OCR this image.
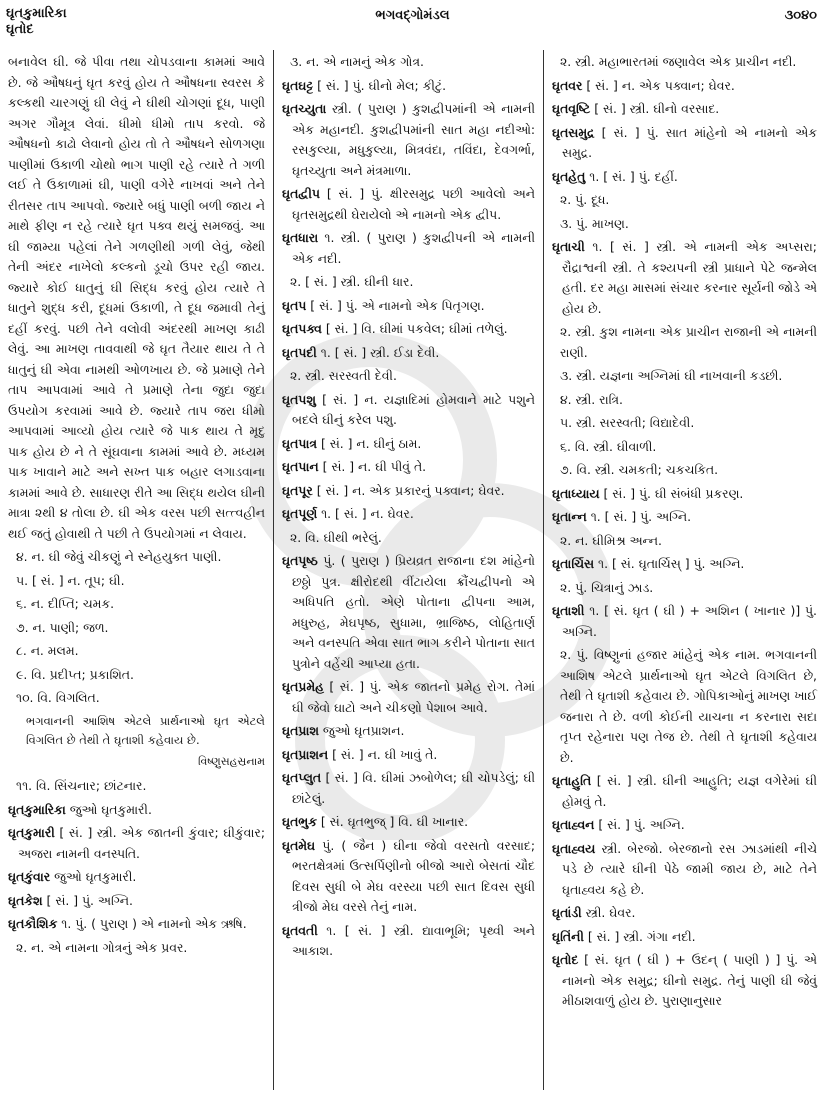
ઘૃતકુમારિકા
ઘૃતોદ
ભગવદ્ગોમંડલ	૩૦૪૦
બનાવેલ ઘી. જે પીવા તથા ચોપડવાના કામમાં આવે છે. જે ઔષધનું ઘૃત કરવું હોય તે ઔષધના સ્વરસ કે કલ્કથી ચારગણું ઘી લેવું ને ઘીથી ચોગણાં દૂધ, પાણી અગર ગૌમૂત્ર લેવાં. ધીમો ધીમો તાપ કરવો. જે ઔષધનો કાઢો લેવાનો હોય તો તે ઔષધને સોળગણા પાણીમાં ઉકાળી ચોથો ભાગ પાણી રહે ત્યારે તે ગળી લઈ તે ઉકાળામાં ઘી, પાણી વગેરે નાખવાં અને તેને રીતસર તાપ આપવો. જ્યારે બધું પાણી બળી જાય ને માથે ફીણ ન રહે ત્યારે ઘૃત પક્વ થયું સમજવું. આ ઘી જામ્યા પહેલાં તેને ગળણીથી ગળી લેવું, જેથી તેની અંદર નાખેલો કલ્કનો ડૂચો ઉપર રહી જાય. જ્યારે કોઈ ધાતુનું ઘી સિદ્ધ કરવું હોય ત્યારે તે ધાતુને શુદ્ધ કરી, દૂધમાં ઉકાળી, તે દૂધ જમાવી તેનું દહીં કરવું. પછી તેને વલોવી અંદરથી માખણ કાઢી લેવું. આ માખણ તાવવાથી જે ઘૃત તૈયાર થાય તે તે ધાતુનું ઘી એવા નામથી ઓળખાય છે. જે પ્રમાણે તેને તાપ આપવામાં આવે તે પ્રમાણે તેના જુદા જુદા ઉપયોગ કરવામાં આવે છે. જ્યારે તાપ જરા ધીમો આપવામાં આવ્યો હોય ત્યારે જે પાક થાય તે મૃદુ પાક હોય છે ને તે સૂંઘવાના કામમાં આવે છે. મધ્યમ પાક ખાવાને માટે અને સખ્ત પાક બહાર લગાડવાના કામમાં આવે છે. સાધારણ રીતે આ સિદ્ધ થયેલ ઘીની માત્રા ૨થી ૪ તોલા છે. ઘી એક વરસ પછી સત્ત્વહીન થઈ જતું હોવાથી તે પછી તે ઉપયોગમાં ન લેવાય.
૪. ન. ઘી જેવું ચીકણું ને સ્નેહયુક્ત પાણી.
૫. [ સં. ] ન. તૂપ; ઘી.
૬. ન. દીપ્તિ; ચમક.
૭. ન. પાણી; જળ.
૮. ન. મલમ.
૯. વિ. પ્રદીપ્ત; પ્રકાશિત.
૧૦. વિ. વિગલિત.
ભગવાનની આશિષ એટલે પ્રાર્થનાઓ ઘૃત એટલે વિગલિત છે તેથી તે ઘૃતાશી કહેવાય છે.
વિષ્ણુસહસ્રનામ
૧૧. વિ. સિંચનાર; છાંટનાર.
ઘૃતકુમારિકા જુઓ ઘૃતકુમારી.
ઘૃતકુમારી [ સં. ] સ્ત્રી. એક જાતની કુંવાર; ઘીકુંવાર; અજરા નામની વનસ્પતિ.
ઘૃતકુંવાર જુઓ ઘૃતકુમારી.
ઘૃતકેશ [ સં. ] પું. અગ્નિ.
ઘૃતકૌશિક ૧. પું. ( પુરાણ ) એ નામનો એક ઋષિ.
૨. ન. એ નામના ગોત્રનું એક પ્રવર.
૩. ન. એ નામનું એક ગોત્ર.
ઘૃતઘટ્ટ [ સં. ] પું. ઘીનો મેલ; કીટું.
ઘૃતચ્યુતા સ્ત્રી. ( પુરાણ ) કુશદ્વીપમાંની એ નામની એક મહાનદી. કુશદ્વીપમાંની સાત મહા નદીઓ: રસકુલ્યા, મધુકુલ્યા, મિત્રવંદા, તવિંદા, દેવગર્ભા, ઘૃતચ્યુતા અને મંત્રમાળા.
ઘૃતદ્વીપ [ સં. ] પું. ક્ષીરસમુદ્ર પછી આવેલો અને ઘૃતસમુદ્રથી ઘેરાયેલો એ નામનો એક દ્વીપ.
ઘૃતધારા ૧. સ્ત્રી. ( પુરાણ ) કુશદ્વીપની એ નામની એક નદી.
૨. [ સં. ] સ્ત્રી. ઘીની ધાર.
ઘૃતપ [ સં. ] પું. એ નામનો એક પિતૃગણ.
ઘૃતપક્વ [ સં. ] વિ. ઘીમાં પકવેલ; ઘીમાં તળેલું.
ઘૃતપદી ૧. [ સં. ] સ્ત્રી. ઈડા દેવી.
૨. સ્ત્રી. સરસ્વતી દેવી.
ઘૃતપશુ [ સં. ] ન. યજ્ઞાદિમાં હોમવાને માટે પશુને બદલે ઘીનું કરેલ પશુ.
ઘૃતપાત્ર [ સં. ] ન. ઘીનું ઠામ.
ઘૃતપાન [ સં. ] ન. ઘી પીવું તે.
ઘૃતપૂર [ સં. ] ન. એક પ્રકારનું પક્વાન; ઘેવર.
ઘૃતપૂર્ણ ૧. [ સં. ] ન. ઘેવર.
૨. વિ. ઘીથી ભરેલું.
ઘૃતપૃષ્ઠ પું. ( પુરાણ ) પ્રિયવ્રત રાજાના દશ માંહેનો છઠ્ઠો પુત્ર. ક્ષીરોદથી વીંટાયેલા ક્રૌંચદ્વીપનો એ અધિપતિ હતો. એણે પોતાના દ્વીપના આમ, મધુરુહ, મેઘપૃષ્ઠ, સુધામા, ભ્રાજિષ્ઠ, લોહિતાર્ણ અને વનસ્પતિ એવા સાત ભાગ કરીને પોતાના સાત પુત્રોને વહેંચી આપ્યા હતા.
ઘૃતપ્રમેહ [ સં. ] પું. એક જાતનો પ્રમેહ રોગ. તેમાં ઘી જેવો ઘાટો અને ચીકણો પેશાબ આવે.
ઘૃતપ્રાશ જુઓ ઘૃતપ્રાશન.
ઘૃતપ્રાશન [ સં. ] ન. ઘી ખાવું તે.
ઘૃતપ્લુત [ સં. ] વિ. ઘીમાં ઝબોળેલ; ઘી ચોપડેલું; ઘી છાંટેલું.
ઘૃતભુક [ સં. ઘૃતભુજ્ ] વિ. ઘી ખાનાર.
ઘૃતમેઘ પું. ( જૈન ) ઘીના જેવો વરસતો વરસાદ; ભરતક્ષેત્રમાં ઉત્સર્પિણીનો બીજો આરો બેસતાં ચૌદ દિવસ સુધી બે મેઘ વરસ્યા પછી સાત દિવસ સુધી ત્રીજો મેઘ વરસે તેનું નામ.
ઘૃતવતી ૧. [ સં. ] સ્ત્રી. દ્યાવાભૂમિ; પૃથ્વી અને આકાશ.
૨. સ્ત્રી. મહાભારતમાં જણાવેલ એક પ્રાચીન નદી.
ઘૃતવર [ સં. ] ન. એક પક્વાન; ઘેવર.
ઘૃતવૃષ્ટિ [ સં. ] સ્ત્રી. ઘીનો વરસાદ.
ઘૃતસમુદ્ર [ સં. ] પું. સાત માંહેનો એ નામનો એક સમુદ્ર.
ઘૃતહેતુ ૧. [ સં. ] પું. દહીં.
૨. પું. દૂધ.
૩. પું. માખણ.
ઘૃતાચી ૧. [ સં. ] સ્ત્રી. એ નામની એક અપ્સરા; રૌદ્રાશ્વની સ્ત્રી. તે કશ્યપની સ્ત્રી પ્રાધાને પેટે જન્મેલ હતી. દર મહા માસમાં સંચાર કરનાર સૂર્યની જોડે એ હોય છે.
૨. સ્ત્રી. કુશ નામના એક પ્રાચીન રાજાની એ નામની રાણી.
૩. સ્ત્રી. યજ્ઞના અગ્નિમાં ઘી નાખવાની કડછી.
૪. સ્ત્રી. રાત્રિ.
૫. સ્ત્રી. સરસ્વતી; વિદ્યાદેવી.
૬. વિ. સ્ત્રી. ઘીવાળી.
૭. વિ. સ્ત્રી. ચમકતી; ચકચકિત.
ઘૃતાધ્યાય [ સં. ] પું. ઘી સંબંધી પ્રકરણ.
ઘૃતાન્ન ૧. [ સં. ] પું. અગ્નિ.
૨. ન. ઘીમિશ્ર અન્ન.
ઘૃતાર્ચિસ ૧. [ સં. ઘૃતાર્ચિસ્ ] પું. અગ્નિ.
૨. પું. ચિત્રાનું ઝાડ.
ઘૃતાશી ૧. [ સં. ઘૃત ( ઘી ) + અશિન ( ખાનાર )] પું. અગ્નિ.
૨. પું. વિષ્ણુનાં હજાર માંહેનું એક નામ. ભગવાનની આશિષ એટલે પ્રાર્થનાઓ ઘૃત એટલે વિગલિત છે, તેથી તે ઘૃતાશી કહેવાય છે. ગોપિકાઓનું માખણ ખાઈ જનારા તે છે. વળી કોઈની યાચના ન કરનારા સદા તૃપ્ત રહેનારા પણ તેજ છે. તેથી તે ઘૃતાશી કહેવાય છે.
ઘૃતાહુતિ [ સં. ] સ્ત્રી. ઘીની આહુતિ; યજ્ઞ વગેરેમાં ઘી હોમવું તે.
ઘૃતાહ્વન [ સં. ] પું. અગ્નિ.
ઘૃતાહ્વય સ્ત્રી. બેરજો. બેરજાનો રસ ઝાડમાંથી નીચે પડે છે ત્યારે ઘીની પેઠે જામી જાય છે, માટે તેને ઘૃતાહ્વય કહે છે.
ઘૃતાંડી સ્ત્રી. ઘેવર.
ઘૃતિંની [ સં. ] સ્ત્રી. ગંગા નદી.
ઘૃતોદ [ સં. ઘૃત ( ઘી ) + ઉદન્ ( પાણી ) ] પું. એ નામનો એક સમુદ્ર; ઘીનો સમુદ્ર. તેનું પાણી ઘી જેવું મીઠાશવાળું હોય છે. પુરાણાનુસાર
